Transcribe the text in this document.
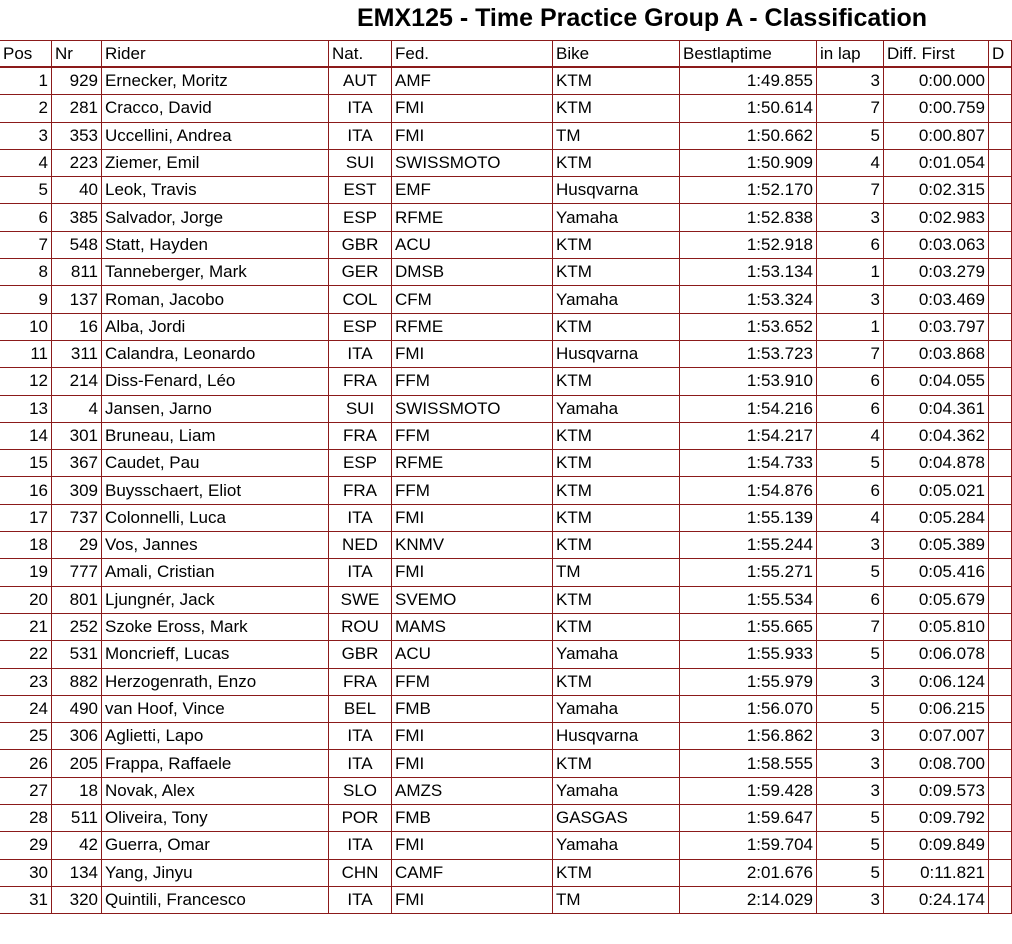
EMX125 - Time Practice Group A - Classification
Pos	Nr	Rider	Nat.	Fed.	Bike	Bestlaptime	in lap	Diff. First	D
1	929	Ernecker, Moritz	AUT	AMF	KTM	1:49.855	3	0:00.000	
2	281	Cracco, David	ITA	FMI	KTM	1:50.614	7	0:00.759	
3	353	Uccellini, Andrea	ITA	FMI	TM	1:50.662	5	0:00.807	
4	223	Ziemer, Emil	SUI	SWISSMOTO	KTM	1:50.909	4	0:01.054	
5	40	Leok, Travis	EST	EMF	Husqvarna	1:52.170	7	0:02.315	
6	385	Salvador, Jorge	ESP	RFME	Yamaha	1:52.838	3	0:02.983	
7	548	Statt, Hayden	GBR	ACU	KTM	1:52.918	6	0:03.063	
8	811	Tanneberger, Mark	GER	DMSB	KTM	1:53.134	1	0:03.279	
9	137	Roman, Jacobo	COL	CFM	Yamaha	1:53.324	3	0:03.469	
10	16	Alba, Jordi	ESP	RFME	KTM	1:53.652	1	0:03.797	
11	311	Calandra, Leonardo	ITA	FMI	Husqvarna	1:53.723	7	0:03.868	
12	214	Diss-Fenard, Léo	FRA	FFM	KTM	1:53.910	6	0:04.055	
13	4	Jansen, Jarno	SUI	SWISSMOTO	Yamaha	1:54.216	6	0:04.361	
14	301	Bruneau, Liam	FRA	FFM	KTM	1:54.217	4	0:04.362	
15	367	Caudet, Pau	ESP	RFME	KTM	1:54.733	5	0:04.878	
16	309	Buysschaert, Eliot	FRA	FFM	KTM	1:54.876	6	0:05.021	
17	737	Colonnelli, Luca	ITA	FMI	KTM	1:55.139	4	0:05.284	
18	29	Vos, Jannes	NED	KNMV	KTM	1:55.244	3	0:05.389	
19	777	Amali, Cristian	ITA	FMI	TM	1:55.271	5	0:05.416	
20	801	Ljungnér, Jack	SWE	SVEMO	KTM	1:55.534	6	0:05.679	
21	252	Szoke Eross, Mark	ROU	MAMS	KTM	1:55.665	7	0:05.810	
22	531	Moncrieff, Lucas	GBR	ACU	Yamaha	1:55.933	5	0:06.078	
23	882	Herzogenrath, Enzo	FRA	FFM	KTM	1:55.979	3	0:06.124	
24	490	van Hoof, Vince	BEL	FMB	Yamaha	1:56.070	5	0:06.215	
25	306	Aglietti, Lapo	ITA	FMI	Husqvarna	1:56.862	3	0:07.007	
26	205	Frappa, Raffaele	ITA	FMI	KTM	1:58.555	3	0:08.700	
27	18	Novak, Alex	SLO	AMZS	Yamaha	1:59.428	3	0:09.573	
28	511	Oliveira, Tony	POR	FMB	GASGAS	1:59.647	5	0:09.792	
29	42	Guerra, Omar	ITA	FMI	Yamaha	1:59.704	5	0:09.849	
30	134	Yang, Jinyu	CHN	CAMF	KTM	2:01.676	5	0:11.821	
31	320	Quintili, Francesco	ITA	FMI	TM	2:14.029	3	0:24.174	
